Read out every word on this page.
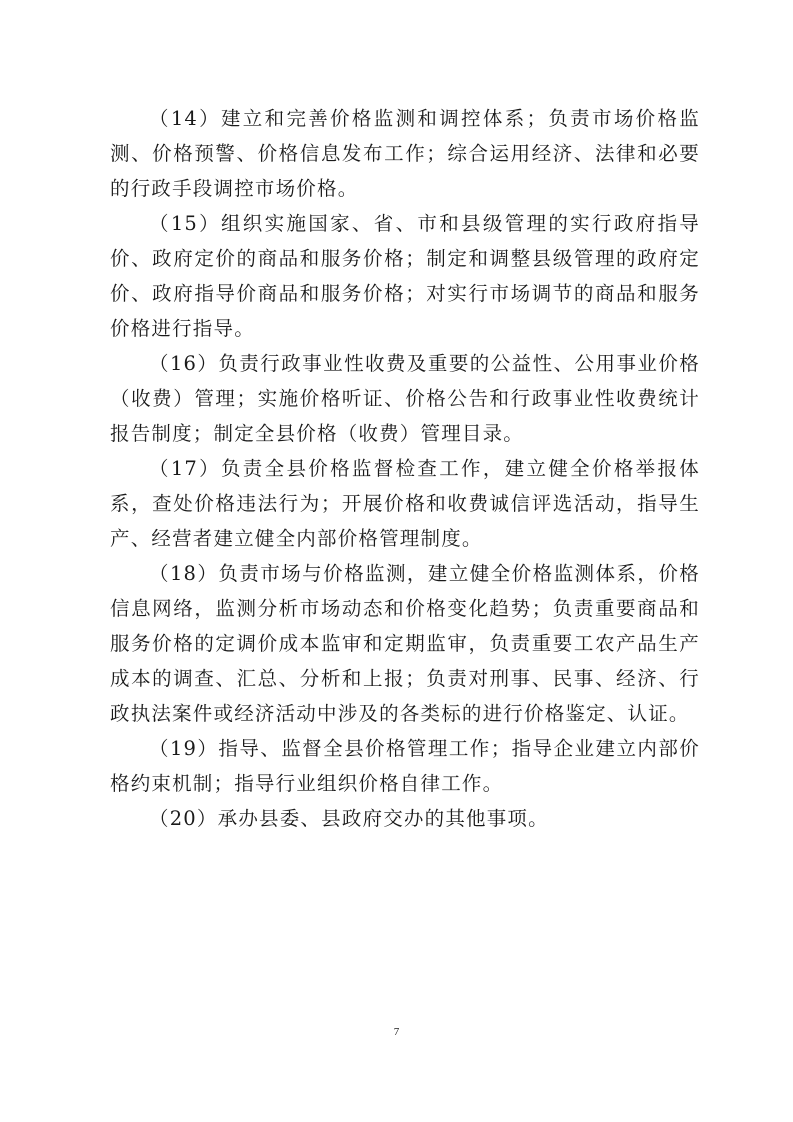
（14）建立和完善价格监测和调控体系；负责市场价格监测、价格预警、价格信息发布工作；综合运用经济、法律和必要的行政手段调控市场价格。

（15）组织实施国家、省、市和县级管理的实行政府指导价、政府定价的商品和服务价格；制定和调整县级管理的政府定价、政府指导价商品和服务价格；对实行市场调节的商品和服务价格进行指导。

（16）负责行政事业性收费及重要的公益性、公用事业价格（收费）管理；实施价格听证、价格公告和行政事业性收费统计报告制度；制定全县价格（收费）管理目录。

（17）负责全县价格监督检查工作，建立健全价格举报体系，查处价格违法行为；开展价格和收费诚信评选活动，指导生产、经营者建立健全内部价格管理制度。

（18）负责市场与价格监测，建立健全价格监测体系，价格信息网络，监测分析市场动态和价格变化趋势；负责重要商品和服务价格的定调价成本监审和定期监审，负责重要工农产品生产成本的调查、汇总、分析和上报；负责对刑事、民事、经济、行政执法案件或经济活动中涉及的各类标的进行价格鉴定、认证。

（19）指导、监督全县价格管理工作；指导企业建立内部价格约束机制；指导行业组织价格自律工作。

（20）承办县委、县政府交办的其他事项。

7
